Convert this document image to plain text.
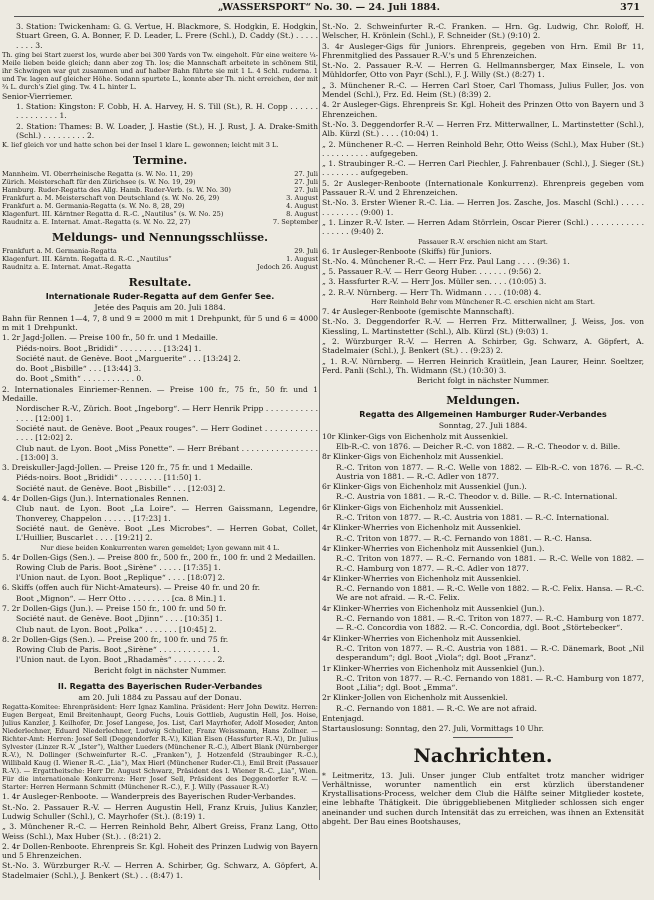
„WASSERSPORT“ No. 30. — 24. Juli 1884.	371

3. Station: Twickenham: G. G. Vertue, H. Blackmore, S. Hodgkin, E. Hodgkin, Stuart Green, G. A. Bonner, F. D. Leader, L. Frere (Schl.), D. Caddy (St.) . . . . . . . . . 3.

Th. ging bei Start zuerst los, wurde aber bei 300 Yards von Tw. eingeholt. Für eine weitere ¼-Meile lieben beide gleich; dann aber zog Th. los; die Mannschaft arbeitete in schönem Stil, ihr Schwingen war gut zusammen und auf halber Bahn führte sie mit 1 L. 4 Schl. ruderna. 1 und Tw. lagen auf gleicher Höhe. Sodann spurtete L., konnte aber Th. nicht erreichen, der mit ¾ L. durch's Ziel ging. Tw. 4 L. hinter L.

Senior-Vierriemer.

1. Station: Kingston: F. Cobb, H. A. Harvey, H. S. Till (St.), R. H. Copp . . . . . . . . . . . . . . . 1.

2. Station: Thames: B. W. Loader, J. Hastie (St.), H. J. Rust, J. A. Drake-Smith (Schl.) . . . . . . . . . 2.

K. lief gleich vor und hatte schon bei der Insel 1 klare L. gewonnen; leicht mit 3 L.

Termine.
Mannheim. VI. Oberrheinische Regatta (s. W. No. 11, 29)	27. Juli
Zürich. Meisterschaft für den Zürichsee (s. W. No. 19, 29)	27. Juli
Hamburg. Ruder-Regatta des Allg. Hamb. Ruder-Verb. (s. W. No. 30)	27. Juli
Frankfurt a. M. Meisterschaft von Deutschland (s. W. No. 26, 29)	3. August
Frankfurt a. M. Germania-Regatta (s. W. No. 8, 28, 29)	4. August
Klagenfurt. III. Kärntner Regatta d. R.-C. „Nautilus“ (s. W. No. 25)	8. August
Raudnitz a. E. Internat. Amat.-Regatta (s. W. No. 22, 27)	7. September
Meldungs- und Nennungsschlüsse.
Frankfurt a. M. Germania-Regatta	29. Juli
Klagenfurt. III. Kärntn. Regatta d. R.-C. „Nautilus“	1. August
Raudnitz a. E. Internat. Amat.-Regatta	Jedoch 26. August
Resultate.
Internationale Ruder-Regatta auf dem Genfer See.

Jetée des Paquis am 20. Juli 1884.

Bahn für Rennen 1—4, 7, 8 und 9 = 2000 m mit 1 Drehpunkt, für 5 und 6 = 4000 m mit 1 Drehpunkt.

1. 2r Jagd-Jollen. — Preise 100 fr., 50 fr. und 1 Medaille.

Piéds-noirs. Boot „Brididi“ . . . . . . . . . [13:24] 1.

Société naut. de Genève. Boot „Marguerite“ . . . [13:24] 2.

do. Boot „Bisbille“ . . . [13:44] 3.

do. Boot „Smith“ . . . . . . . . . . . 0.

2. Internationales Einriemer-Rennen. — Preise 100 fr., 75 fr., 50 fr. und 1 Medaille.

Nordischer R.-V., Zürich. Boot „Ingeborg“. — Herr Henrik Pripp . . . . . . . . . . . . . . . [12:00] 1.

Société naut. de Genève. Boot „Peaux rouges“. — Herr Godinet . . . . . . . . . . . . . . . [12:02] 2.

Club naut. de Lyon. Boot „Miss Ponette“. — Herr Brébant . . . . . . . . . . . . . . . . . [13:00] 3.

3. Dreiskuller-Jagd-Jollen. — Preise 120 fr., 75 fr. und 1 Medaille.

Piéds-noirs. Boot „Brididi“ . . . . . . . . . [11:50] 1.

Société naut. de Genève. Boot „Bisbille“ . . . [12:03] 2.

4. 4r Dollen-Gigs (Jun.). Internationales Rennen.

Club naut. de Lyon. Boot „La Loire“. — Herren Gaissmann, Legendre, Thonverey, Chappelon . . . . . . [17:23] 1.

Société naut. de Genève. Boot „Les Microbes“. — Herren Gobat, Collet, L'Huillier, Buscarlet . . . . [19:21] 2.

Nur diese beiden Konkurrenten waren gemeldet; Lyon gewann mit 4 L.

5. 4r Dollen-Gigs (Sen.). — Preise 800 fr., 500 fr., 200 fr., 100 fr. und 2 Medaillen.

Rowing Club de Paris. Boot „Sirène“ . . . . . [17:35] 1.

l'Union naut. de Lyon. Boot „Replique“ . . . . [18:07] 2.

6. Skiffs (offen auch für Nicht-Amateurs). — Preise 40 fr. und 20 fr.

Boot „Mignon“. — Herr Otto . . . . . . . . . [ca. 8 Min.] 1.

7. 2r Dollen-Gigs (Jun.). — Preise 150 fr., 100 fr. und 50 fr.

Société naut. de Genève. Boot „Djinn“ . . . . [10:35] 1.

Club naut. de Lyon. Boot „Polka“ . . . . . . . [10:45] 2.

8. 2r Dollen-Gigs (Sen.). — Preise 200 fr., 100 fr. und 75 fr.

Rowing Club de Paris. Boot „Sirène“ . . . . . . . . . . . 1.

l'Union naut. de Lyon. Boot „Rhadamès“ . . . . . . . . . 2.

Bericht folgt in nächster Nummer.

II. Regatta des Bayerischen Ruder-Verbandes

am 20. Juli 1884 zu Passau auf der Donau.

Regatta-Komitee: Ehrenpräsident: Herr Ignaz Kamlina. Präsident: Herr John Dewitz. Herren: Eugen Bergeat, Emil Breitenhaupt, Georg Fuchs, Louis Gottlieb, Augustin Hell, Jos. Hoise, Julius Kanzler, J. Keilhofer, Dr. Josef Langese, Jos. List, Carl Mayrhofer, Adolf Moseder, Anton Niederlechner, Eduard Niederlechner, Ludwig Schuller, Franz Weissmann, Hans Zollner. — Richter-Amt: Herren: Josef Sell (Deggendorfer R.-V.), Kilian Eisen (Hassfurter R.-V.), Dr. Julius Sylvester (Linzer R.-V. „Ister“), Walther Lueders (Münchener R.-C.), Albert Blank (Nürnberger R.-V.), N. Dollinger (Schweinfurter R.-C. „Franken“), J. Hotzenfeld (Straubinger R.-C.), Willibald Kaug (I. Wiener R.-C. „Lia“), Max Hierl (Münchener Ruder-Cl.), Emil Breit (Passauer R.-V.). — Ergattheitsche: Herr Dr. August Schwarz, Präsident des I. Wiener R.-C. „Lia“, Wien. Für die internationale Konkurrenz: Herr Josef Sell, Präsident des Deggendorfer R.-V. — Starter: Herren Hermann Schmitt (Münchener R.-C.), F. J. Willy (Passauer R.-V.)

1. 4r Ausleger-Renboote. — Wanderpreis des Bayerischen Ruder-Verbandes.

St.-No. 2. Passauer R.-V. — Herren Augustin Hell, Franz Kruis, Julius Kanzler, Ludwig Schuller (Schl.), C. Mayrhofer (St.). (8:19) 1.

„ 3. Münchener R.-C. — Herren Reinhold Behr, Albert Greiss, Franz Lang, Otto Weiss (Schl.), Max Huber (St.). . (8:21) 2.

2. 4r Dollen-Renboote. Ehrenpreis Sr. Kgl. Hoheit des Prinzen Ludwig von Bayern und 5 Ehrenzeichen.

St.-No. 3. Würzburger R.-V. — Herren A. Schirber, Gg. Schwarz, A. Göpfert, A. Stadelmaier (Schl.), J. Benkert (St.) . . (8:47) 1.

St.-No. 2. Schweinfurter R.-C. Franken. — Hrn. Gg. Ludwig, Chr. Roloff, H. Welscher, H. Krönlein (Schl.), F. Schneider (St.) (9:10) 2.

3. 4r Ausleger-Gigs für Juniors. Ehrenpreis, gegeben von Hrn. Emil Br 11, Fhrenmitglied des Passauer R.-V.'s und 5 Ehrenzeichen.

St.-No. 2. Passauer R.-V. — Herren G. Hellmannsberger, Max Einsele, L. von Mühldorfer, Otto von Payr (Schl.), F. J. Willy (St.) (8:27) 1.

„ 3. Münchener R.-C. — Herren Carl Stoer, Carl Thomass, Julius Fuller, Jos. von Mendel (Schl.), Frz. Ed. Heim (St.) (8:39) 2.

4. 2r Ausleger-Gigs. Ehrenpreis Sr. Kgl. Hoheit des Prinzen Otto von Bayern und 3 Ehrenzeichen.

St.-No. 3. Deggendorfer R.-V. — Herren Frz. Mitterwallner, L. Martinstetter (Schl.), Alb. Kürzl (St.) . . . . (10:04) 1.

„ 2. Münchener R.-C. — Herren Reinhold Behr, Otto Weiss (Schl.), Max Huber (St.) . . . . . . . . . . aufgegeben.

„ 1. Straubinger R.-C. — Herren Carl Piechler, J. Fahrenbauer (Schl.), J. Sieger (St.) . . . . . . . . aufgegeben.

5. 2r Ausleger-Renboote (Internationale Konkurrenz). Ehrenpreis gegeben vom Passauer R.-V. und 2 Ehrenzeichen.

St.-No. 3. Erster Wiener R.-C. Lia. — Herren Jos. Zasche, Jos. Maschl (Schl.) . . . . . . . . . . . . . (9:00) 1.

„ 1. Linzer R.-V. Ister. — Herren Adam Störrlein, Oscar Pierer (Schl.) . . . . . . . . . . . . . . . . . (9:40) 2.

Passauer R.-V. erschien nicht am Start.

6. 1r Ausleger-Renboote (Skiffs) für Juniors.

St.-No. 4. Münchener R.-C. — Herr Frz. Paul Lang . . . . (9:36) 1.

„ 5. Passauer R.-V. — Herr Georg Huber. . . . . . . (9:56) 2.

„ 3. Hassfurter R.-V. — Herr Jos. Müller sen. . . . (10:05) 3.

„ 2. R.-V. Nürnberg. — Herr Th. Widmann . . . . (10:08) 4.

Herr Reinhold Behr vom Münchener R.-C. erschien nicht am Start.

7. 4r Ausleger-Renboote (gemischte Mannschaft).

St.-No. 3. Deggendorfer R.-V. — Herren Frz. Mitterwallner, J. Weiss, Jos. von Kiessling, L. Martinstetter (Schl.), Alb. Kürzl (St.) (9:03) 1.

„ 2. Würzburger R.-V. — Herren A. Schirber, Gg. Schwarz, A. Göpfert, A. Stadelmaier (Schl.), J. Benkert (St.) . . (9:23) 2.

„ 1. R.-V. Nürnberg. — Herren Heinrich Kraütlein, Jean Laurer, Heinr. Soeltzer, Ferd. Panli (Schl.), Th. Widmann (St.) (10:30) 3.

Bericht folgt in nächster Nummer.

Meldungen.
Regatta des Allgemeinen Hamburger Ruder-Verbandes

Sonntag, 27. Juli 1884.

10r Klinker-Gigs von Eichenholz mit Aussenkiel.

Elb-R.-C. von 1876. — Deicher R.-C. von 1882. — R.-C. Theodor v. d. Bille.

8r Klinker-Gigs von Eichenholz mit Aussenkiel.

R.-C. Triton von 1877. — R.-C. Welle von 1882. — Elb-R.-C. von 1876. — R.-C. Austria von 1881. — R.-C. Adler von 1877.

6r Klinker-Gigs von Eichenholz mit Aussenkiel (Jun.).

R.-C. Austria von 1881. — R.-C. Theodor v. d. Bille. — R.-C. International.

6r Klinker-Gigs von Eichenholz mit Aussenkiel.

R.-C. Triton von 1877. — R.-C. Austria von 1881. — R.-C. International.

4r Klinker-Wherries von Eichenholz mit Aussenkiel.

R.-C. Triton von 1877. — R.-C. Fernando von 1881. — R.-C. Hansa.

4r Klinker-Wherries von Eichenholz mit Aussenkiel (Jun.).

R.-C. Triton von 1877. — R.-C. Fernando von 1881. — R.-C. Welle von 1882. — R.-C. Hamburg von 1877. — R.-C. Adler von 1877.

4r Klinker-Wherries von Eichenholz mit Aussenkiel.

R.-C. Fernando von 1881. — R.-C. Welle von 1882. — R.-C. Felix. Hansa. — R.-C. We are not afraid. — R.-C. Felix.

4r Klinker-Wherries von Eichenholz mit Aussenkiel (Jun.).

R.-C. Fernando von 1881. — R.-C. Triton von 1877. — R.-C. Hamburg von 1877. — R.-C. Concordia von 1882. — R.-C. Concordia, dgl. Boot „Störtebecker“.

4r Klinker-Wherries von Eichenholz mit Aussenkiel.

R.-C. Triton von 1877. — R.-C. Austria von 1881. — R.-C. Dänemark, Boot „Nil desperandum“; dgl. Boot „Viola“; dgl. Boot „Franz“.

1r Klinker-Wherries von Eichenholz mit Aussenkiel (Jun.).

R.-C. Triton von 1877. — R.-C. Fernando von 1881. — R.-C. Hamburg von 1877, Boot „Lilia“; dgl. Boot „Emma“.

2r Klinker-Jollen von Eichenholz mit Aussenkiel.

R.-C. Fernando von 1881. — R.-C. We are not afraid.

Entenjagd.

Startauslosung: Sonntag, den 27. Juli, Vormittags 10 Uhr.

Nachrichten.

* Leitmeritz, 13. Juli. Unser junger Club entfaltet trotz mancher widriger Verhältnisse, worunter namentlich ein erst kürzlich überstandener Krystallisations-Process, welcher dem Club die Hälfte seiner Mitglieder kostete, eine lebhafte Thätigkeit. Die übriggebliebenen Mitglieder schlossen sich enger aneinander und suchen durch Intensität das zu erreichen, was ihnen an Extensität abgeht. Der Bau eines Bootshauses,
